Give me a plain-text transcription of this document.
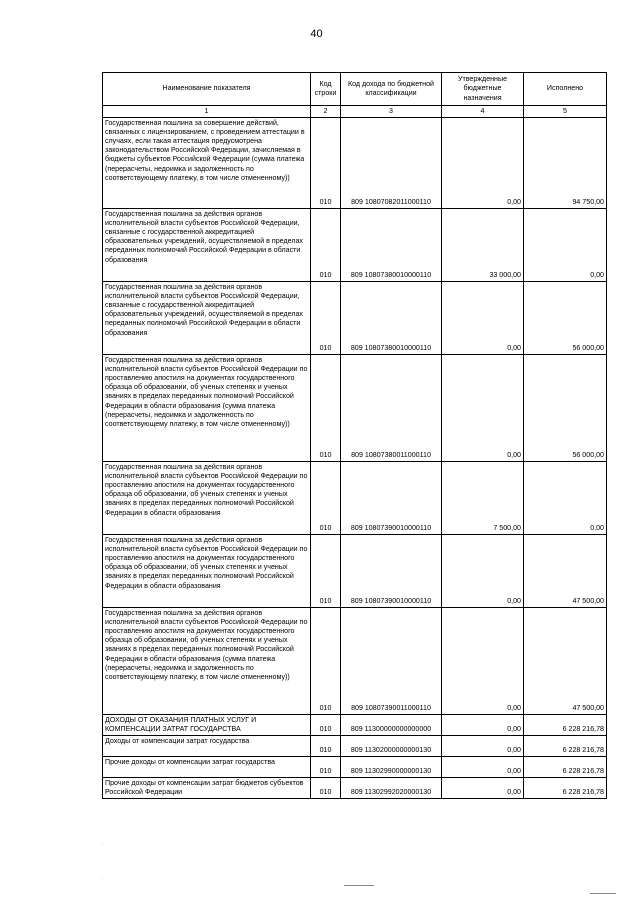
40
Наименование показателя	Код строки	Код дохода по бюджетной классификации	Утвержденные бюджетные назначения	Исполнено
1	2	3	4	5
Государственная пошлина за совершение действий, связанных с лицензированием, с проведением аттестации в случаях, если такая аттестация предусмотрена законодательством Российской Федерации, зачисляемая в бюджеты субъектов Российской Федерации (сумма платежа (перерасчеты, недоимка и задолженность по соответствующему платежу, в том числе отмененному))	010	809 10807082011000110	0,00	94 750,00
Государственная пошлина за действия органов исполнительной власти субъектов Российской Федерации, связанные с государственной аккредитацией образовательных учреждений, осуществляемой в пределах переданных полномочий Российской Федерации в области образования	010	809 10807380010000110	33 000,00	0,00
Государственная пошлина за действия органов исполнительной власти субъектов Российской Федерации, связанные с государственной аккредитацией образовательных учреждений, осуществляемой в пределах переданных полномочий Российской Федерации в области образования	010	809 10807380010000110	0,00	56 000,00
Государственная пошлина за действия органов исполнительной власти субъектов Российской Федерации по проставлению апостиля на документах государственного образца об образовании, об ученых степенях и ученых званиях в пределах переданных полномочий Российской Федерации в области образования (сумма платежа (перерасчеты, недоимка и задолженность по соответствующему платежу, в том числе отмененному))	010	809 10807380011000110	0,00	56 000,00
Государственная пошлина за действия органов исполнительной власти субъектов Российской Федерации по проставлению апостиля на документах государственного образца об образовании, об ученых степенях и ученых званиях в пределах переданных полномочий Российской Федерации в области образования	010	809 10807390010000110	7 500,00	0,00
Государственная пошлина за действия органов исполнительной власти субъектов Российской Федерации по проставлению апостиля на документах государственного образца об образовании, об ученых степенях и ученых званиях в пределах переданных полномочий Российской Федерации в области образования	010	809 10807390010000110	0,00	47 500,00
Государственная пошлина за действия органов исполнительной власти субъектов Российской Федерации по проставлению апостиля на документах государственного образца об образовании, об ученых степенях и ученых званиях в пределах переданных полномочий Российской Федерации в области образования (сумма платежа (перерасчеты, недоимка и задолженность по соответствующему платежу, в том числе отмененному))	010	809 10807390011000110	0,00	47 500,00
ДОХОДЫ ОТ ОКАЗАНИЯ ПЛАТНЫХ УСЛУГ И КОМПЕНСАЦИИ ЗАТРАТ ГОСУДАРСТВА	010	809 11300000000000000	0,00	6 228 216,78
Доходы от компенсации затрат государства	010	809 11302000000000130	0,00	6 228 216,78
Прочие доходы от компенсации затрат государства	010	809 11302990000000130	0,00	6 228 216,78
Прочие доходы от компенсации затрат бюджетов субъектов Российской Федерации	010	809 11302992020000130	0,00	6 228 216,78
·
·
